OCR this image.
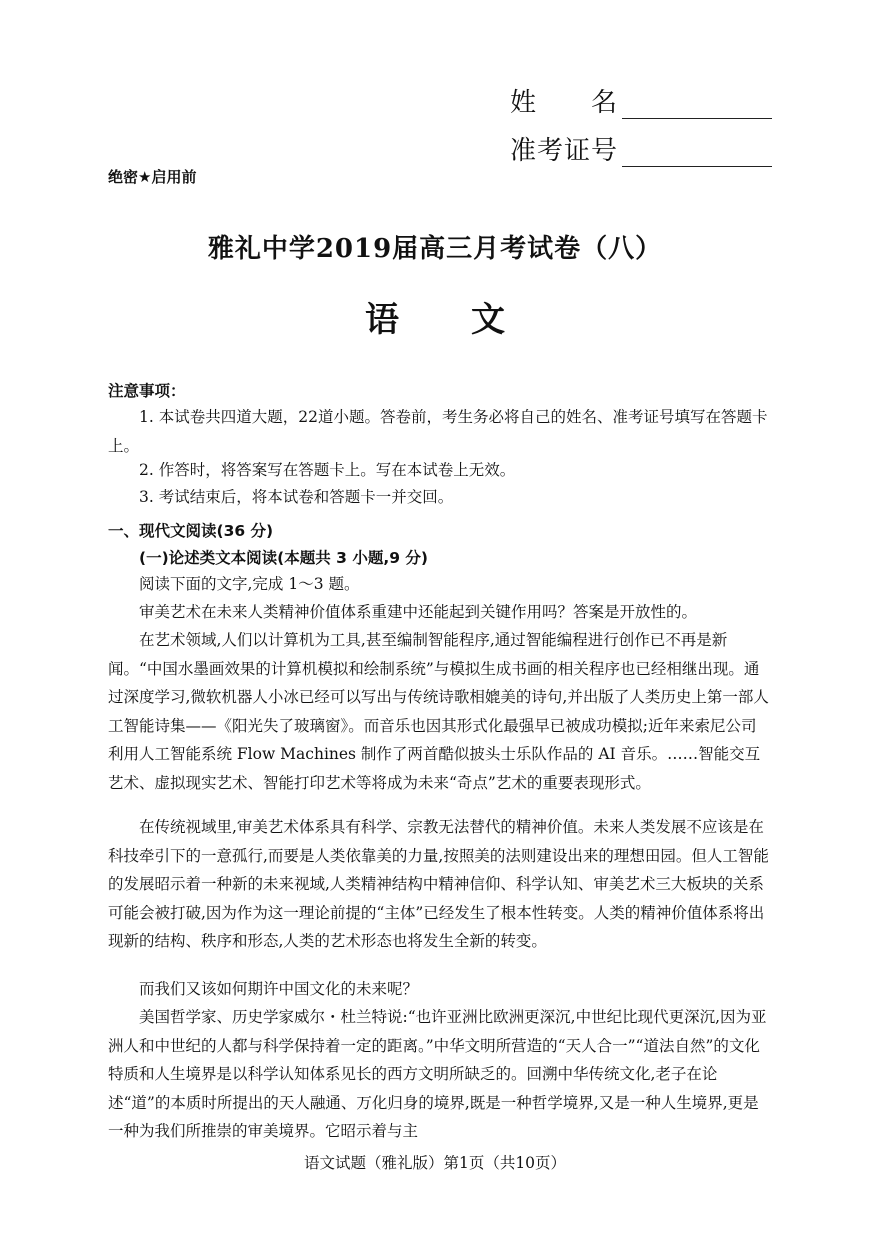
姓　　名
准考证号
绝密★启用前
雅礼中学2019届高三月考试卷（八）
语 文
注意事项：

1. 本试卷共四道大题，22道小题。答卷前，考生务必将自己的姓名、准考证号填写在答题卡上。

2. 作答时，将答案写在答题卡上。写在本试卷上无效。

3. 考试结束后，将本试卷和答题卡一并交回。

一、现代文阅读(36 分)
(一)论述类文本阅读(本题共 3 小题,9 分)

阅读下面的文字,完成 1～3 题。

审美艺术在未来人类精神价值体系重建中还能起到关键作用吗？答案是开放性的。

在艺术领域,人们以计算机为工具,甚至编制智能程序,通过智能编程进行创作已不再是新闻。“中国水墨画效果的计算机模拟和绘制系统”与模拟生成书画的相关程序也已经相继出现。通过深度学习,微软机器人小冰已经可以写出与传统诗歌相媲美的诗句,并出版了人类历史上第一部人工智能诗集——《阳光失了玻璃窗》。而音乐也因其形式化最强早已被成功模拟;近年来索尼公司利用人工智能系统 Flow Machines 制作了两首酷似披头士乐队作品的 AI 音乐。……智能交互艺术、虚拟现实艺术、智能打印艺术等将成为未来“奇点”艺术的重要表现形式。

在传统视域里,审美艺术体系具有科学、宗教无法替代的精神价值。未来人类发展不应该是在科技牵引下的一意孤行,而要是人类依靠美的力量,按照美的法则建设出来的理想田园。但人工智能的发展昭示着一种新的未来视域,人类精神结构中精神信仰、科学认知、审美艺术三大板块的关系可能会被打破,因为作为这一理论前提的“主体”已经发生了根本性转变。人类的精神价值体系将出现新的结构、秩序和形态,人类的艺术形态也将发生全新的转变。

而我们又该如何期许中国文化的未来呢？

美国哲学家、历史学家威尔・杜兰特说:“也许亚洲比欧洲更深沉,中世纪比现代更深沉,因为亚洲人和中世纪的人都与科学保持着一定的距离。”中华文明所营造的“天人合一”“道法自然”的文化特质和人生境界是以科学认知体系见长的西方文明所缺乏的。回溯中华传统文化,老子在论述“道”的本质时所提出的天人融通、万化归身的境界,既是一种哲学境界,又是一种人生境界,更是一种为我们所推崇的审美境界。它昭示着与主

语文试题（雅礼版）第1页（共10页）
